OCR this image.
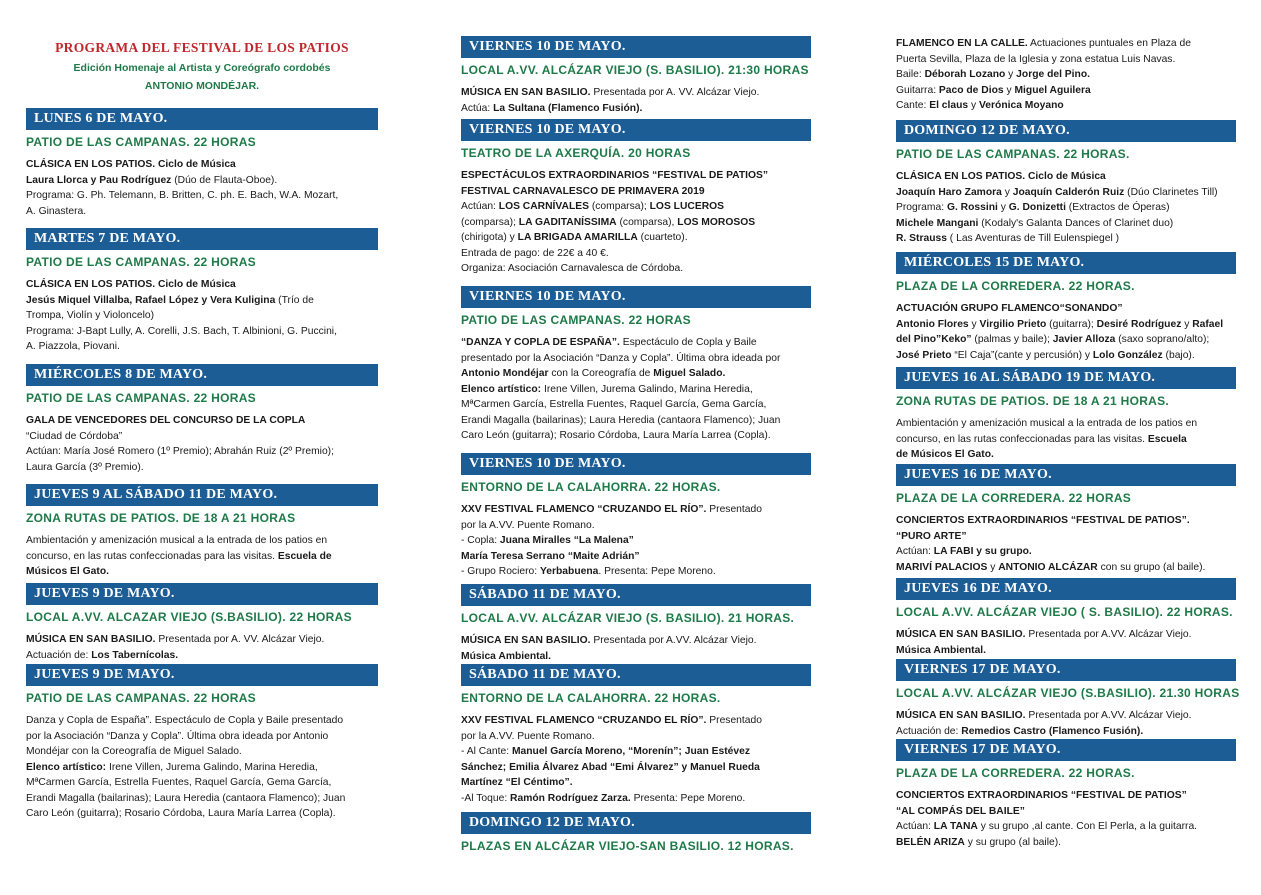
PROGRAMA DEL FESTIVAL DE LOS PATIOS
Edición Homenaje al Artista y Coreógrafo cordobés
ANTONIO MONDÉJAR.
LUNES 6 DE MAYO.
PATIO DE LAS CAMPANAS. 22 HORAS
CLÁSICA EN LOS PATIOS. Ciclo de Música
Laura Llorca y Pau Rodríguez (Dúo de Flauta-Oboe).
Programa: G. Ph. Telemann, B. Britten, C. ph. E. Bach, W.A. Mozart,
A. Ginastera.
MARTES 7 DE MAYO.
PATIO DE LAS CAMPANAS. 22 HORAS
CLÁSICA EN LOS PATIOS. Ciclo de Música
Jesús Miquel Villalba, Rafael López y Vera Kuligina (Trío de
Trompa, Violín y Violoncelo)
Programa: J-Bapt Lully, A. Corelli, J.S. Bach, T. Albinioni, G. Puccini,
A. Piazzola, Piovani.
MIÉRCOLES 8 DE MAYO.
PATIO DE LAS CAMPANAS. 22 HORAS
GALA DE VENCEDORES DEL CONCURSO DE LA COPLA
“Ciudad de Córdoba”
Actúan: María José Romero (1º Premio); Abrahán Ruiz (2º Premio);
Laura García (3º Premio).
JUEVES 9 AL SÁBADO 11 DE MAYO.
ZONA RUTAS DE PATIOS. DE 18 A 21 HORAS
Ambientación y amenización musical a la entrada de los patios en
concurso, en las rutas confeccionadas para las visitas. Escuela de
Músicos El Gato.
JUEVES 9 DE MAYO.
LOCAL A.VV. ALCAZAR VIEJO (S.BASILIO). 22 HORAS
MÚSICA EN SAN BASILIO. Presentada por A. VV. Alcázar Viejo.
Actuación de: Los Tabernícolas.
JUEVES 9 DE MAYO.
PATIO DE LAS CAMPANAS. 22 HORAS
Danza y Copla de España”. Espectáculo de Copla y Baile presentado
por la Asociación “Danza y Copla”. Última obra ideada por Antonio
Mondéjar con la Coreografía de Miguel Salado.
Elenco artístico: Irene Villen, Jurema Galindo, Marina Heredia,
MªCarmen García, Estrella Fuentes, Raquel García, Gema García,
Erandi Magalla (bailarinas); Laura Heredia (cantaora Flamenco); Juan
Caro León (guitarra); Rosario Córdoba, Laura María Larrea (Copla).
VIERNES 10 DE MAYO.
LOCAL A.VV. ALCÁZAR VIEJO (S. BASILIO). 21:30 HORAS
MÚSICA EN SAN BASILIO. Presentada por A. VV. Alcázar Viejo.
Actúa: La Sultana (Flamenco Fusión).
VIERNES 10 DE MAYO.
TEATRO DE LA AXERQUÍA. 20 HORAS
ESPECTÁCULOS EXTRAORDINARIOS “FESTIVAL DE PATIOS”
FESTIVAL CARNAVALESCO DE PRIMAVERA 2019
Actúan: LOS CARNÍVALES (comparsa); LOS LUCEROS
(comparsa); LA GADITANÍSSIMA (comparsa), LOS MOROSOS
(chirigota) y LA BRIGADA AMARILLA (cuarteto).
Entrada de pago: de 22€ a 40 €.
Organiza: Asociación Carnavalesca de Córdoba.
VIERNES 10 DE MAYO.
PATIO DE LAS CAMPANAS. 22 HORAS
“DANZA Y COPLA DE ESPAÑA”. Espectáculo de Copla y Baile
presentado por la Asociación “Danza y Copla”. Última obra ideada por
Antonio Mondéjar con la Coreografía de Miguel Salado.
Elenco artístico: Irene Villen, Jurema Galindo, Marina Heredia,
MªCarmen García, Estrella Fuentes, Raquel García, Gema García,
Erandi Magalla (bailarinas); Laura Heredia (cantaora Flamenco); Juan
Caro León (guitarra); Rosario Córdoba, Laura María Larrea (Copla).
VIERNES 10 DE MAYO.
ENTORNO DE LA CALAHORRA. 22 HORAS.
XXV FESTIVAL FLAMENCO “CRUZANDO EL RÍO”. Presentado
por la A.VV. Puente Romano.
- Copla: Juana Miralles “La Malena”
María Teresa Serrano “Maite Adrián”
- Grupo Rociero: Yerbabuena. Presenta: Pepe Moreno.
SÁBADO 11 DE MAYO.
LOCAL A.VV. ALCÁZAR VIEJO (S. BASILIO). 21 HORAS.
MÚSICA EN SAN BASILIO. Presentada por A.VV. Alcázar Viejo.
Música Ambiental.
SÁBADO 11 DE MAYO.
ENTORNO DE LA CALAHORRA. 22 HORAS.
XXV FESTIVAL FLAMENCO “CRUZANDO EL RÍO”. Presentado
por la A.VV. Puente Romano.
- Al Cante: Manuel García Moreno, “Morenín”; Juan Estévez
Sánchez; Emilia Álvarez Abad “Emi Álvarez” y Manuel Rueda
Martínez “El Céntimo”.
-Al Toque: Ramón Rodríguez Zarza. Presenta: Pepe Moreno.
DOMINGO 12 DE MAYO.
PLAZAS EN ALCÁZAR VIEJO-SAN BASILIO. 12 HORAS.
FLAMENCO EN LA CALLE. Actuaciones puntuales en Plaza de
Puerta Sevilla, Plaza de la Iglesia y zona estatua Luis Navas.
Baile: Déborah Lozano y Jorge del Pino.
Guitarra: Paco de Dios y Miguel Aguilera
Cante: El claus y Verónica Moyano
DOMINGO 12 DE MAYO.
PATIO DE LAS CAMPANAS. 22 HORAS.
CLÁSICA EN LOS PATIOS. Ciclo de Música
Joaquín Haro Zamora y Joaquín Calderón Ruiz (Dúo Clarinetes Till)
Programa: G. Rossini y G. Donizetti (Extractos de Óperas)
Michele Mangani (Kodaly's Galanta Dances of Clarinet duo)
R. Strauss ( Las Aventuras de Till Eulenspiegel )
MIÉRCOLES 15 DE MAYO.
PLAZA DE LA CORREDERA. 22 HORAS.
ACTUACIÓN GRUPO FLAMENCO“SONANDO”
Antonio Flores y Virgilio Prieto (guitarra); Desiré Rodríguez y Rafael
del Pino”Keko” (palmas y baile); Javier Alloza (saxo soprano/alto);
José Prieto “El Caja”(cante y percusión) y Lolo González (bajo).
JUEVES 16 AL SÁBADO 19 DE MAYO.
ZONA RUTAS DE PATIOS. DE 18 A 21 HORAS.
Ambientación y amenización musical a la entrada de los patios en
concurso, en las rutas confeccionadas para las visitas. Escuela
de Músicos El Gato.
JUEVES 16 DE MAYO.
PLAZA DE LA CORREDERA. 22 HORAS
CONCIERTOS EXTRAORDINARIOS “FESTIVAL DE PATIOS”.
“PURO ARTE”
Actúan: LA FABI y su grupo.
MARIVÍ PALACIOS y ANTONIO ALCÁZAR con su grupo (al baile).
JUEVES 16 DE MAYO.
LOCAL A.VV. ALCÁZAR VIEJO ( S. BASILIO). 22 HORAS.
MÚSICA EN SAN BASILIO. Presentada por A.VV. Alcázar Viejo.
Música Ambiental.
VIERNES 17 DE MAYO.
LOCAL A.VV. ALCÁZAR VIEJO (S.BASILIO). 21.30 HORAS
MÚSICA EN SAN BASILIO. Presentada por A.VV. Alcázar Viejo.
Actuación de: Remedios Castro (Flamenco Fusión).
VIERNES 17 DE MAYO.
PLAZA DE LA CORREDERA. 22 HORAS.
CONCIERTOS EXTRAORDINARIOS “FESTIVAL DE PATIOS”
“AL COMPÁS DEL BAILE”
Actúan: LA TANA y su grupo ,al cante. Con El Perla, a la guitarra.
BELÉN ARIZA y su grupo (al baile).
